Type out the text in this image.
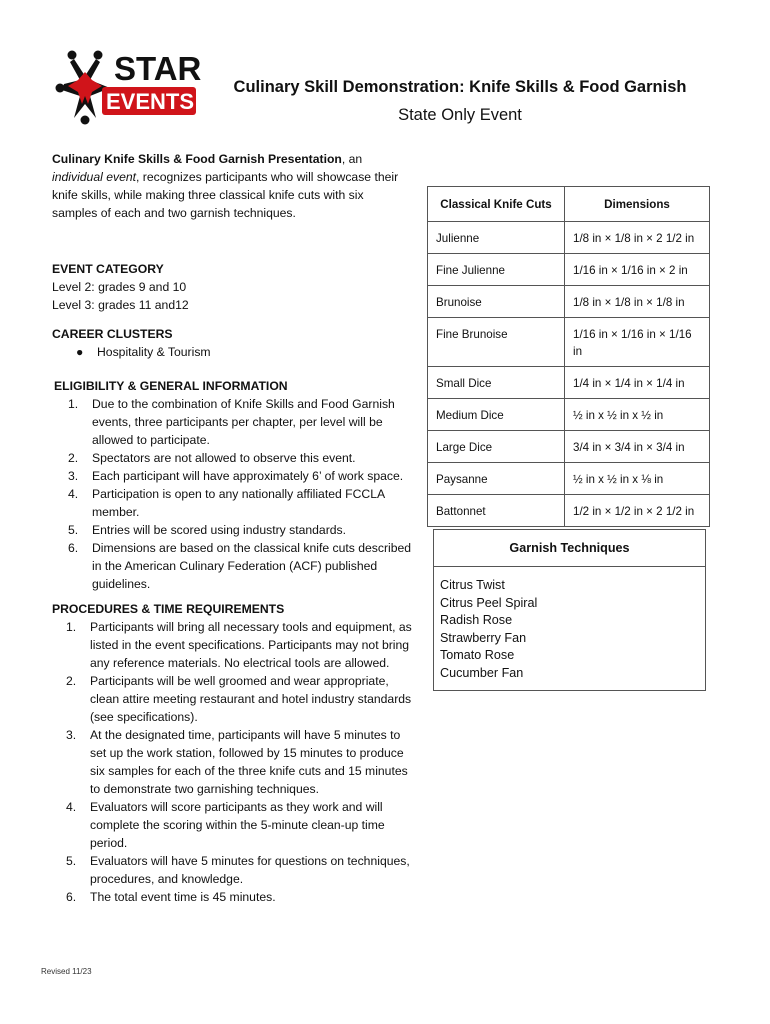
STAR
EVENTS
Culinary Skill Demonstration: Knife Skills & Food Garnish
State Only Event
Culinary Knife Skills & Food Garnish Presentation, an individual event, recognizes participants who will showcase their knife skills, while making three classical knife cuts with six samples of each and two garnish techniques.
EVENT CATEGORY
Level 2: grades 9 and 10
Level 3: grades 11 and12
CAREER CLUSTERS
● Hospitality & Tourism
ELIGIBILITY & GENERAL INFORMATION
1. Due to the combination of Knife Skills and Food Garnish events, three participants per chapter, per level will be allowed to participate.
2. Spectators are not allowed to observe this event.
3. Each participant will have approximately 6’ of work space.
4. Participation is open to any nationally affiliated FCCLA member.
5. Entries will be scored using industry standards.
6. Dimensions are based on the classical knife cuts described in the American Culinary Federation (ACF) published guidelines.
PROCEDURES & TIME REQUIREMENTS
1. Participants will bring all necessary tools and equipment, as listed in the event specifications. Participants may not bring any reference materials. No electrical tools are allowed.
2. Participants will be well groomed and wear appropriate, clean attire meeting restaurant and hotel industry standards (see specifications).
3. At the designated time, participants will have 5 minutes to set up the work station, followed by 15 minutes to produce six samples for each of the three knife cuts and 15 minutes to demonstrate two garnishing techniques.
4. Evaluators will score participants as they work and will complete the scoring within the 5-minute clean-up time period.
5. Evaluators will have 5 minutes for questions on techniques, procedures, and knowledge.
6. The total event time is 45 minutes.
Classical Knife Cuts	Dimensions
Julienne	1/8 in × 1/8 in × 2 1/2 in
Fine Julienne	1/16 in × 1/16 in × 2 in
Brunoise	1/8 in × 1/8 in × 1/8 in
Fine Brunoise	1/16 in × 1/16 in × 1/16 in
Small Dice	1/4 in × 1/4 in × 1/4 in
Medium Dice	½ in x ½ in x ½ in
Large Dice	3/4 in × 3/4 in × 3/4 in
Paysanne	½ in x ½ in x ⅛ in
Battonnet	1/2 in × 1/2 in × 2 1/2 in
Garnish Techniques
Citrus Twist
Citrus Peel Spiral
Radish Rose
Strawberry Fan
Tomato Rose
Cucumber Fan
Revised 11/23
